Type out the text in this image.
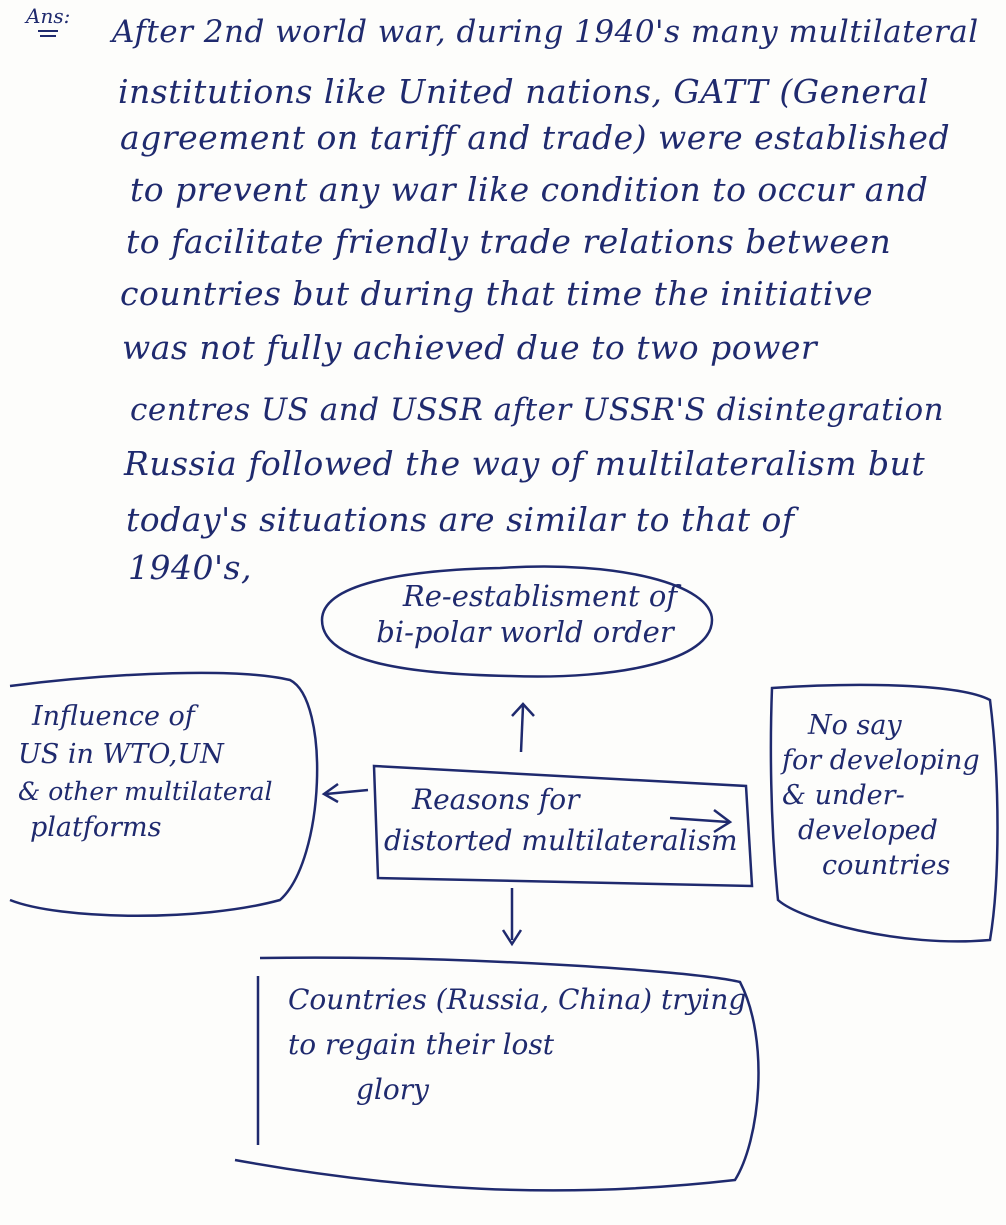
Ans: After 2nd world war, during 1940's many multilateral
institutions like United nations, GATT (General
agreement on tariff and trade) were established
to prevent any war like condition to occur and
to facilitate friendly trade relations between
countries but during that time the initiative
was not fully achieved due to two power
centres US and USSR after USSR'S disintegration
Russia followed the way of multilateralism but
today's situations are similar to that of
1940's,
Re-establisment of
bi-polar world order
Influence of
US in WTO,UN
& other multilateral
platforms
Reasons for
distorted multilateralism
No say
for developing
& under-
developed
countries
Countries (Russia, China) trying
to regain their lost
glory
